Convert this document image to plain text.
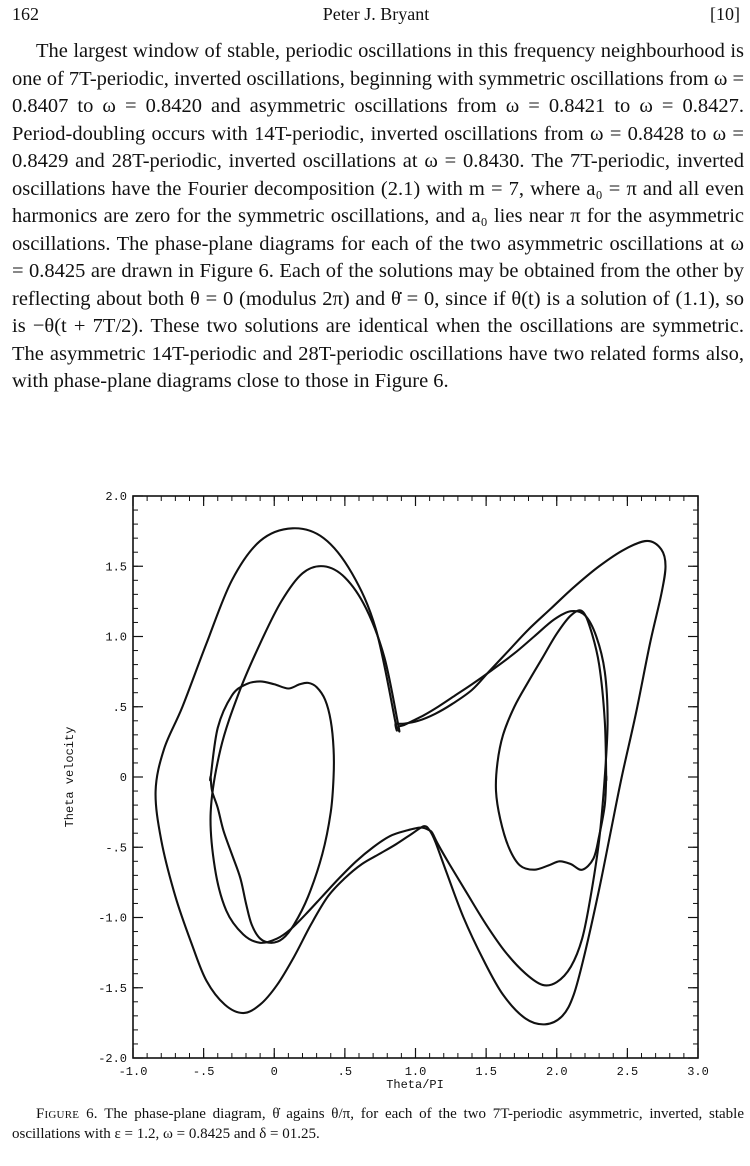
162	Peter J. Bryant	[10]

The largest window of stable, periodic oscillations in this frequency neighbourhood is one of 7T-periodic, inverted oscillations, beginning with symmetric oscillations from ω = 0.8407 to ω = 0.8420 and asymmetric oscillations from ω = 0.8421 to ω = 0.8427. Period-doubling occurs with 14T-periodic, inverted oscillations from ω = 0.8428 to ω = 0.8429 and 28T-periodic, inverted oscillations at ω = 0.8430. The 7T-periodic, inverted oscillations have the Fourier decomposition (2.1) with m = 7, where a₀ = π and all even harmonics are zero for the symmetric oscillations, and a₀ lies near π for the asymmetric oscillations. The phase-plane diagrams for each of the two asymmetric oscillations at ω = 0.8425 are drawn in Figure 6. Each of the solutions may be obtained from the other by reflecting about both θ = 0 (modulus 2π) and θ̇ = 0, since if θ(t) is a solution of (1.1), so is −θ(t + 7T/2). These two solutions are identical when the oscillations are symmetric. The asymmetric 14T-periodic and 28T-periodic oscillations have two related forms also, with phase-plane diagrams close to those in Figure 6.

-1.0	-.5	0	.5	1.0	1.5	2.0	2.5	3.0
2.0
1.5
1.0
.5
0
-.5
-1.0
-1.5
-2.0
Theta/PI
Theta velocity
Figure 6. The phase-plane diagram, θ̇ agains θ/π, for each of the two 7T-periodic asymmetric, inverted, stable oscillations with ε = 1.2, ω = 0.8425 and δ = 01.25.
